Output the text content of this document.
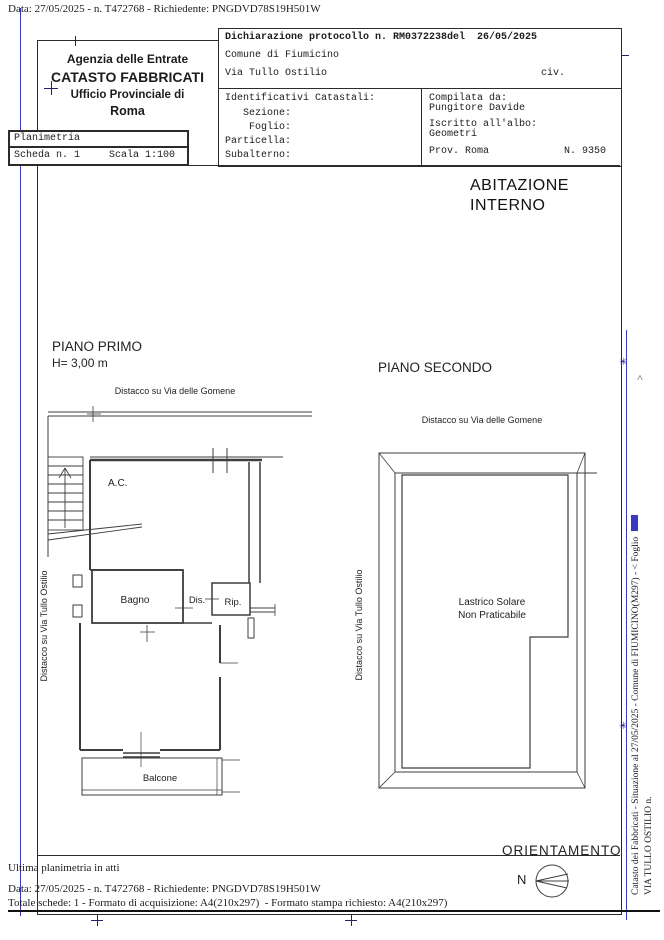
Data: 27/05/2025 - n. T472768 - Richiedente: PNGDVD78S19H501W
Agenzia delle Entrate
CATASTO FABBRICATI
Ufficio Provinciale di
Roma
Planimetria
Scheda n. 1	Scala 1:100
Dichiarazione protocollo n. RM0372238del  26/05/2025
Comune di Fiumicino
Via Tullo Ostilio	civ.
Identificativi Catastali:
Sezione:
Foglio:
Particella:
Subalterno:
Compilata da:
Pungitore Davide
Iscritto all'albo:
Geometri
Prov. Roma	N. 9350
ABITAZIONE
INTERNO
PIANO PRIMO
H= 3,00 m
Distacco su Via delle Gomene
Distacco su Via Tullo Ostilio
A.C.
Bagno	Dis. Rip.
Balcone
PIANO SECONDO
Distacco su Via delle Gomene
Distacco su Via Tullo Ostilio	Lastrico Solare
Non Praticabile
ORIENTAMENTO
N
✳
✳ Catasto dei Fabbricati - Situazione al 27/05/2025 - Comune di FIUMICINO(M297) - < Foglio VIA TULLO OSTILIO n.
>
Ultima planimetria in atti
Data: 27/05/2025 - n. T472768 - Richiedente: PNGDVD78S19H501W
Totale schede: 1 - Formato di acquisizione: A4(210x297)  - Formato stampa richiesto: A4(210x297)
